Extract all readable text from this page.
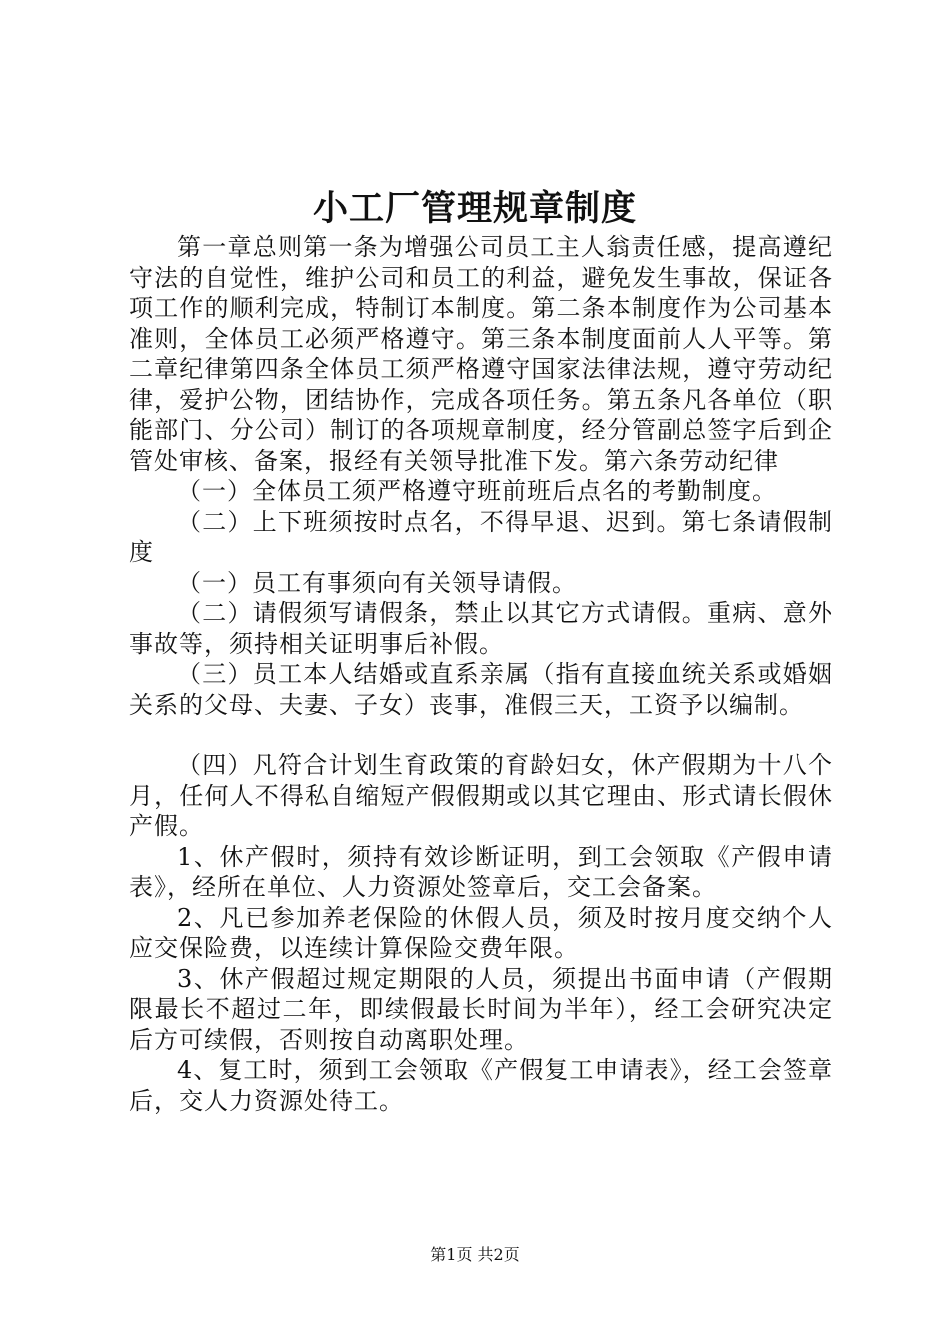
小工厂管理规章制度

第一章总则第一条为增强公司员工主人翁责任感，提高遵纪守法的自觉性，维护公司和员工的利益，避免发生事故，保证各项工作的顺利完成，特制订本制度。第二条本制度作为公司基本准则，全体员工必须严格遵守。第三条本制度面前人人平等。第二章纪律第四条全体员工须严格遵守国家法律法规，遵守劳动纪律，爱护公物，团结协作，完成各项任务。第五条凡各单位（职能部门、分公司）制订的各项规章制度，经分管副总签字后到企管处审核、备案，报经有关领导批准下发。第六条劳动纪律

（一）全体员工须严格遵守班前班后点名的考勤制度。

（二）上下班须按时点名，不得早退、迟到。第七条请假制度

（一）员工有事须向有关领导请假。

（二）请假须写请假条，禁止以其它方式请假。重病、意外事故等，须持相关证明事后补假。

（三）员工本人结婚或直系亲属（指有直接血统关系或婚姻关系的父母、夫妻、子女）丧事，准假三天，工资予以编制。

（四）凡符合计划生育政策的育龄妇女，休产假期为十八个月，任何人不得私自缩短产假假期或以其它理由、形式请长假休产假。

1、休产假时，须持有效诊断证明，到工会领取《产假申请表》，经所在单位、人力资源处签章后，交工会备案。

2、凡已参加养老保险的休假人员，须及时按月度交纳个人应交保险费，以连续计算保险交费年限。

3、休产假超过规定期限的人员，须提出书面申请（产假期限最长不超过二年，即续假最长时间为半年），经工会研究决定后方可续假，否则按自动离职处理。

4、复工时，须到工会领取《产假复工申请表》，经工会签章后，交人力资源处待工。

第1页 共2页
